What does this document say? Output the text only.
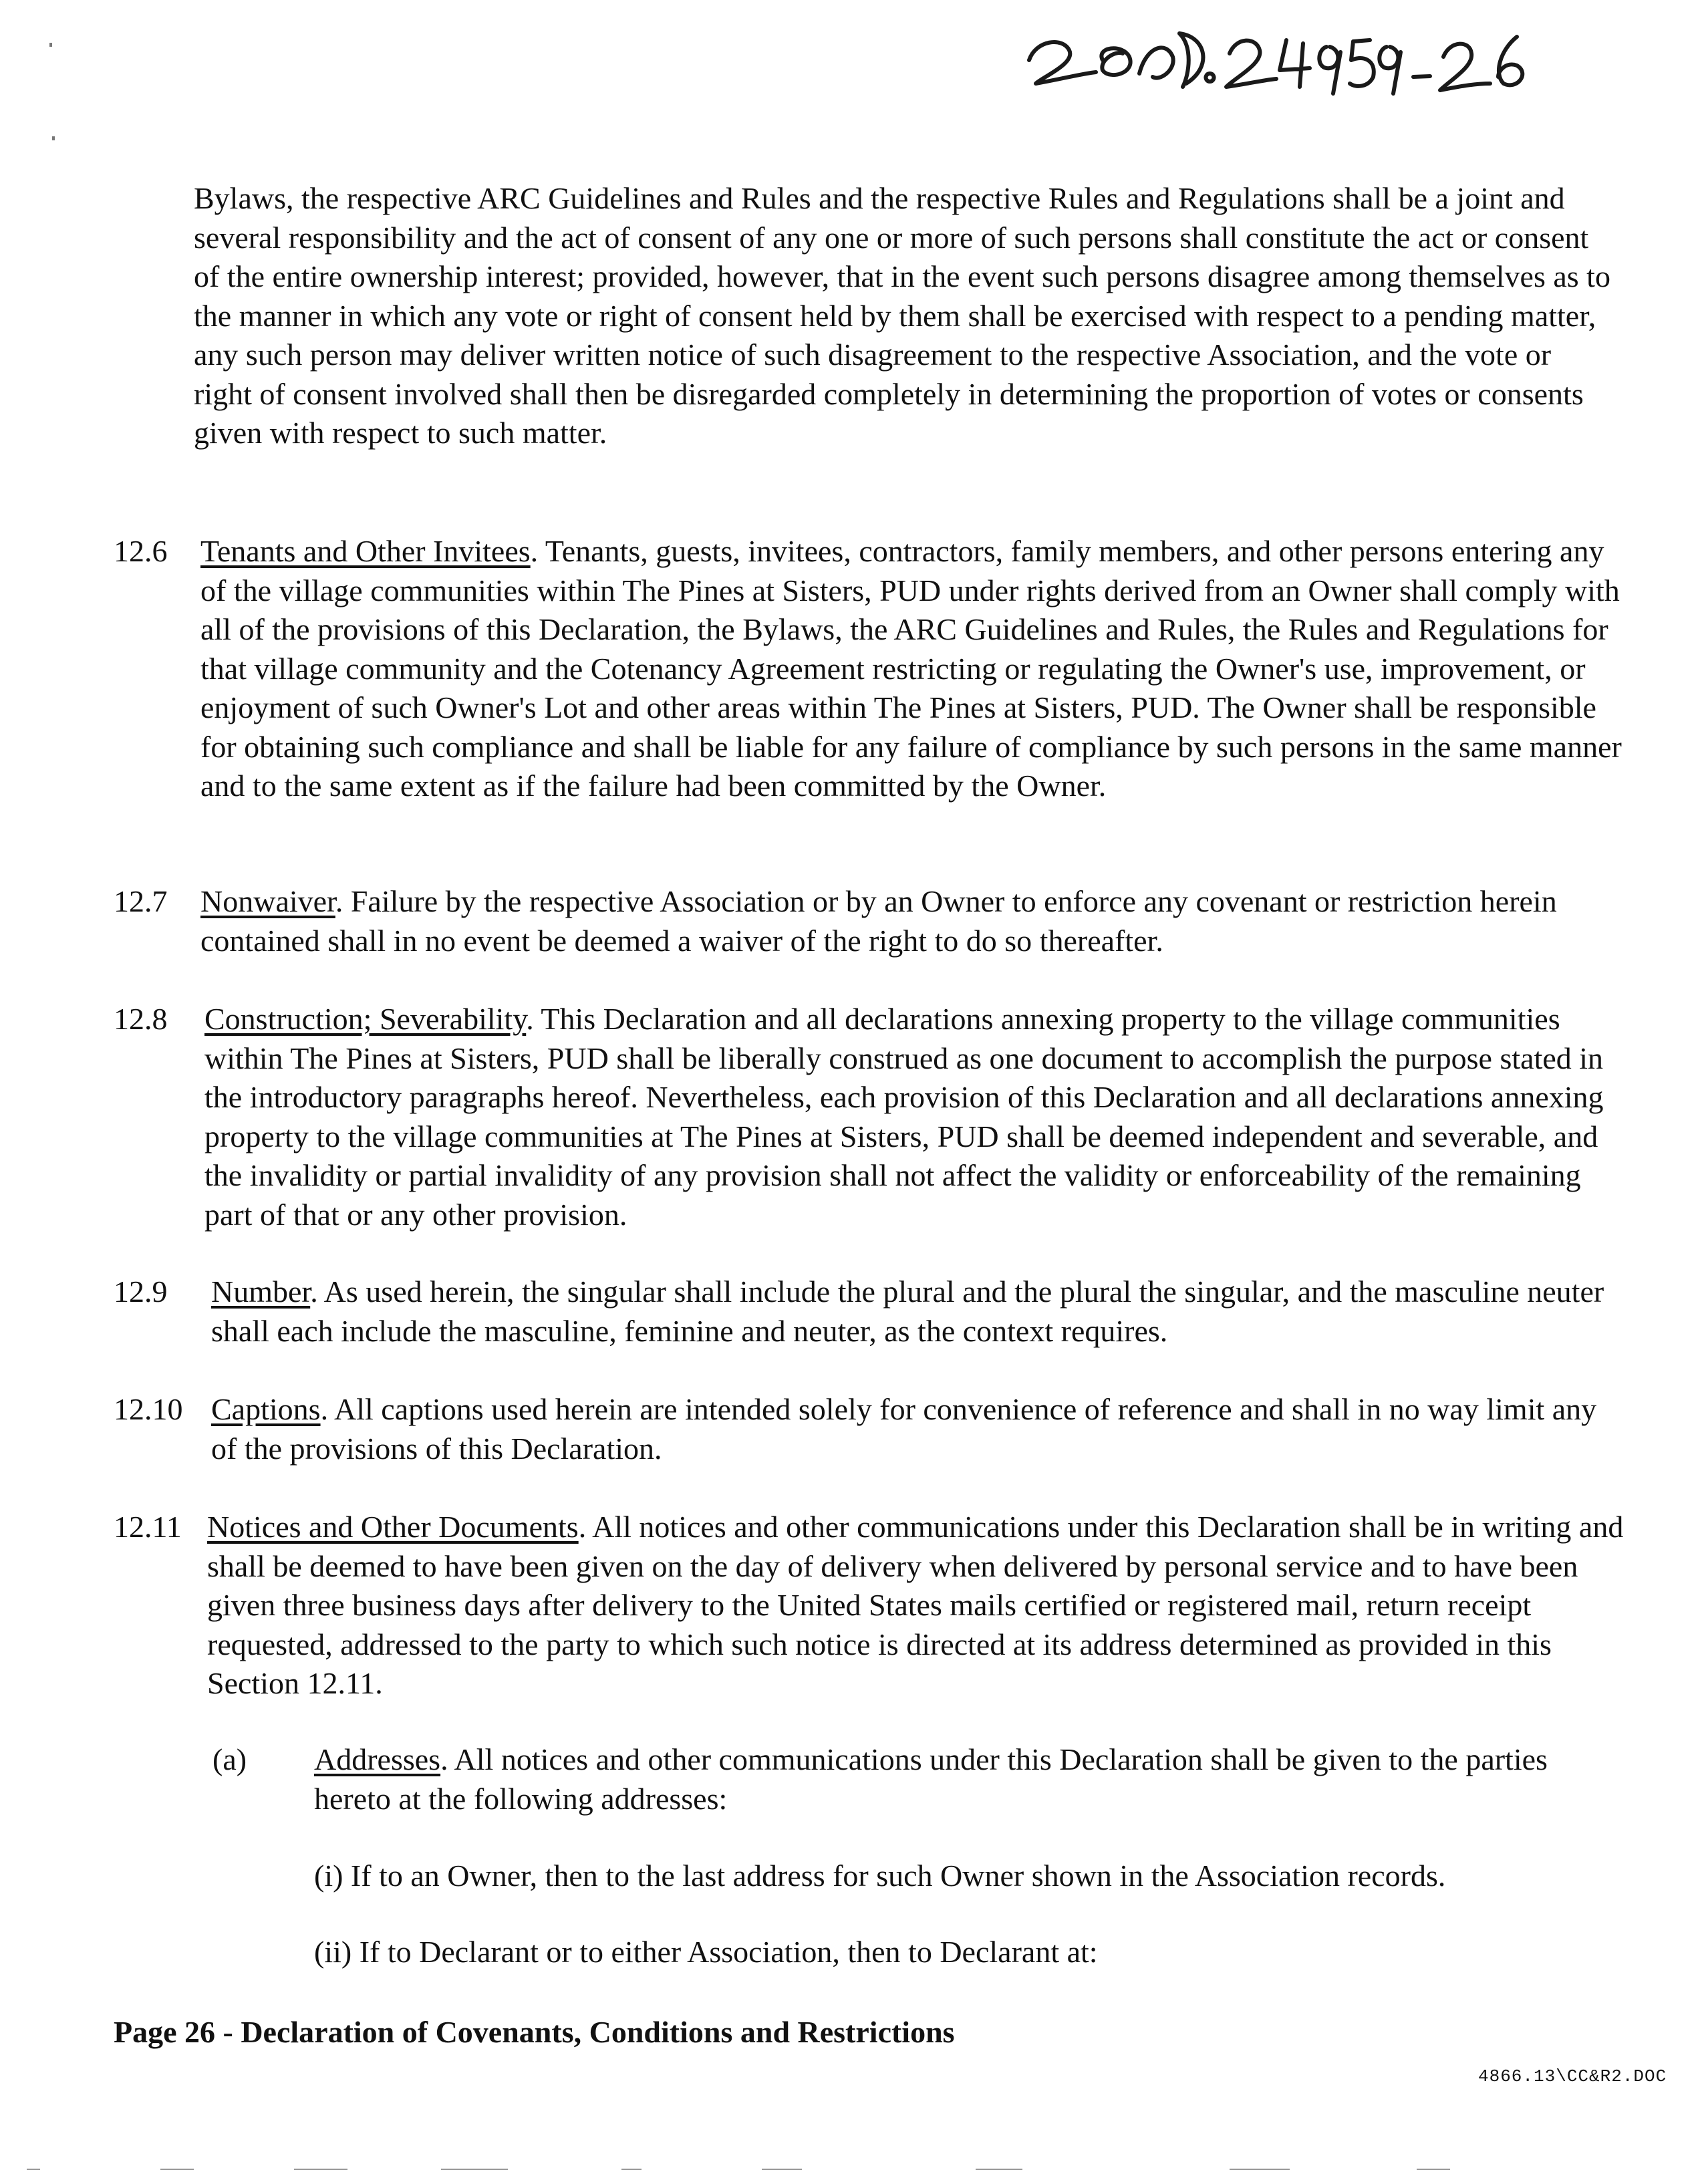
Bylaws, the respective ARC Guidelines and Rules and the respective Rules and Regulations shall be a joint and several responsibility and the act of consent of any one or more of such persons shall constitute the act or consent of the entire ownership interest; provided, however, that in the event such persons disagree among themselves as to the manner in which any vote or right of consent held by them shall be exercised with respect to a pending matter, any such person may deliver written notice of such disagreement to the respective Association, and the vote or right of consent involved shall then be disregarded completely in determining the proportion of votes or consents given with respect to such matter.

12.6 Tenants and Other Invitees. Tenants, guests, invitees, contractors, family members, and other persons entering any of the village communities within The Pines at Sisters, PUD under rights derived from an Owner shall comply with all of the provisions of this Declaration, the Bylaws, the ARC Guidelines and Rules, the Rules and Regulations for that village community and the Cotenancy Agreement restricting or regulating the Owner's use, improvement, or enjoyment of such Owner's Lot and other areas within The Pines at Sisters, PUD. The Owner shall be responsible for obtaining such compliance and shall be liable for any failure of compliance by such persons in the same manner and to the same extent as if the failure had been committed by the Owner.

12.7 Nonwaiver. Failure by the respective Association or by an Owner to enforce any covenant or restriction herein contained shall in no event be deemed a waiver of the right to do so thereafter.

12.8 Construction; Severability. This Declaration and all declarations annexing property to the village communities within The Pines at Sisters, PUD shall be liberally construed as one document to accomplish the purpose stated in the introductory paragraphs hereof. Nevertheless, each provision of this Declaration and all declarations annexing property to the village communities at The Pines at Sisters, PUD shall be deemed independent and severable, and the invalidity or partial invalidity of any provision shall not affect the validity or enforceability of the remaining part of that or any other provision.

12.9 Number. As used herein, the singular shall include the plural and the plural the singular, and the masculine neuter shall each include the masculine, feminine and neuter, as the context requires.

12.10 Captions. All captions used herein are intended solely for convenience of reference and shall in no way limit any of the provisions of this Declaration.

12.11 Notices and Other Documents. All notices and other communications under this Declaration shall be in writing and shall be deemed to have been given on the day of delivery when delivered by personal service and to have been given three business days after delivery to the United States mails certified or registered mail, return receipt requested, addressed to the party to which such notice is directed at its address determined as provided in this Section 12.11.

(a) Addresses. All notices and other communications under this Declaration shall be given to the parties hereto at the following addresses:

(i) If to an Owner, then to the last address for such Owner shown in the Association records.

(ii) If to Declarant or to either Association, then to Declarant at:

Page 26 - Declaration of Covenants, Conditions and Restrictions
4866.13\CC&R2.DOC
